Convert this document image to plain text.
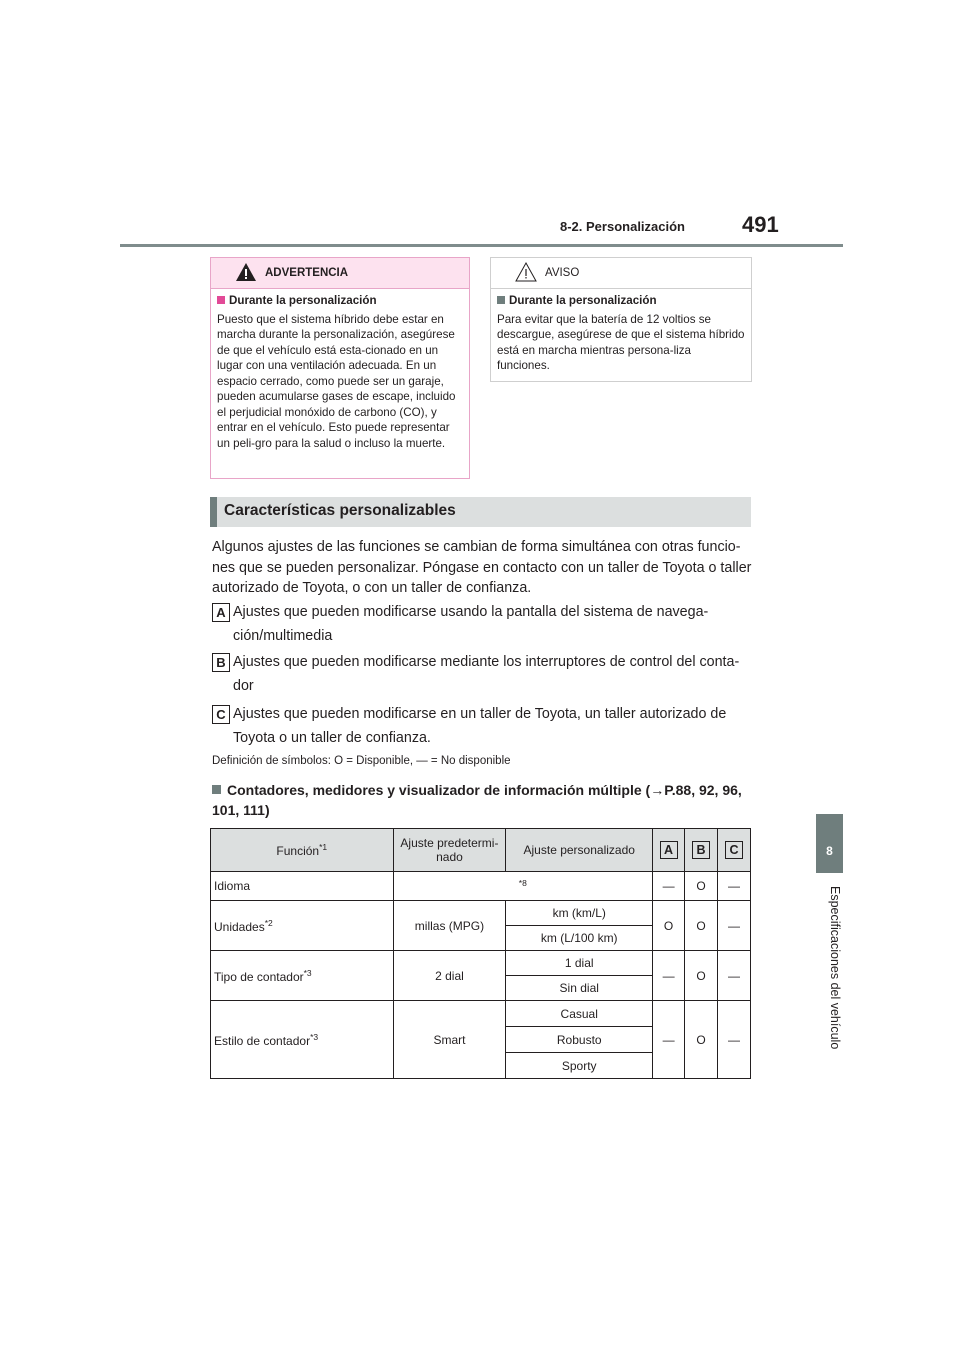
8-2. Personalización	491
8
Especificaciones del vehículo
ADVERTENCIA
Durante la personalización
Puesto que el sistema híbrido debe estar en marcha durante la personalización, asegúrese de que el vehículo está esta-cionado en un lugar con una ventilación adecuada. En un espacio cerrado, como puede ser un garaje, pueden acumularse gases de escape, incluido el perjudicial monóxido de carbono (CO), y entrar en el vehículo. Esto puede representar un peli-gro para la salud o incluso la muerte.
AVISO
Durante la personalización
Para evitar que la batería de 12 voltios se descargue, asegúrese de que el sistema híbrido está en marcha mientras persona-liza funciones.
Características personalizables
Algunos ajustes de las funciones se cambian de forma simultánea con otras funcio-nes que se pueden personalizar. Póngase en contacto con un taller de Toyota o taller autorizado de Toyota, o con un taller de confianza.
A Ajustes que pueden modificarse usando la pantalla del sistema de navega-ción/multimedia
B Ajustes que pueden modificarse mediante los interruptores de control del conta-dor
C Ajustes que pueden modificarse en un taller de Toyota, un taller autorizado de Toyota o un taller de confianza.
Definición de símbolos: O = Disponible, — = No disponible
Contadores, medidores y visualizador de información múltiple (→P.88, 92, 96, 101, 111)
Función$^{*1}$	Ajuste predetermi-nado	Ajuste personalizado	A	B	C
Idioma	$^{*8}$		—	O	—
Unidades$^{*2}$	millas (MPG)	km (km/L)	O	O	—
		km (L/100 km)			
Tipo de contador$^{*3}$	2 dial	1 dial	—	O	—
		Sin dial			
Estilo de contador$^{*3}$	Smart	Casual	—	O	—
		Robusto			
		Sporty			
